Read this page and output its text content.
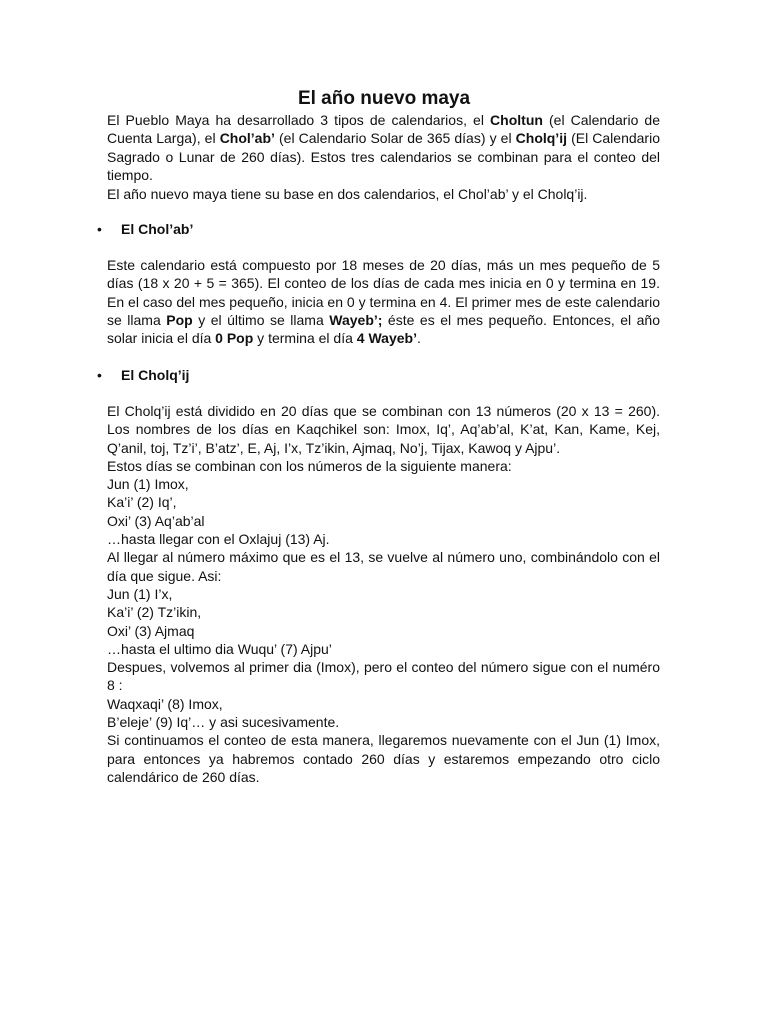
El año nuevo maya
El Pueblo Maya ha desarrollado 3 tipos de calendarios, el Choltun (el Calendario de Cuenta Larga), el Chol’ab’ (el Calendario Solar de 365 días) y el Cholq’ij (El Calendario Sagrado o Lunar de 260 días). Estos tres calendarios se combinan para el conteo del tiempo.
El año nuevo maya tiene su base en dos calendarios, el Chol’ab’ y el Cholq’ij.
• El Chol’ab’
Este calendario está compuesto por 18 meses de 20 días, más un mes pequeño de 5 días (18 x 20 + 5 = 365). El conteo de los días de cada mes inicia en 0 y termina en 19. En el caso del mes pequeño, inicia en 0 y termina en 4. El primer mes de este calendario se llama Pop y el último se llama Wayeb’; éste es el mes pequeño. Entonces, el año solar inicia el día 0 Pop y termina el día 4 Wayeb’.
• El Cholq’ij
El Cholq’ij está dividido en 20 días que se combinan con 13 números (20 x 13 = 260). Los nombres de los días en Kaqchikel son: Imox, Iq’, Aq’ab’al, K’at, Kan, Kame, Kej, Q’anil, toj, Tz’i’, B’atz’, E, Aj, I’x, Tz’ikin, Ajmaq, No’j, Tijax, Kawoq y Ajpu’.
Estos días se combinan con los números de la siguiente manera:
Jun (1) Imox,
Ka’i’ (2) Iq’,
Oxi’ (3) Aq’ab’al
…hasta llegar con el Oxlajuj (13) Aj.
Al llegar al número máximo que es el 13, se vuelve al número uno, combinándolo con el día que sigue. Asi:
Jun (1) I’x,
Ka’i’ (2) Tz’ikin,
Oxi’ (3) Ajmaq
…hasta el ultimo dia Wuqu’ (7) Ajpu’
Despues, volvemos al primer dia (Imox), pero el conteo del número sigue con el numéro 8 :
Waqxaqi’ (8) Imox,
B’eleje’ (9) Iq’… y asi sucesivamente.
Si continuamos el conteo de esta manera, llegaremos nuevamente con el Jun (1) Imox, para entonces ya habremos contado 260 días y estaremos empezando otro ciclo calendárico de 260 días.
